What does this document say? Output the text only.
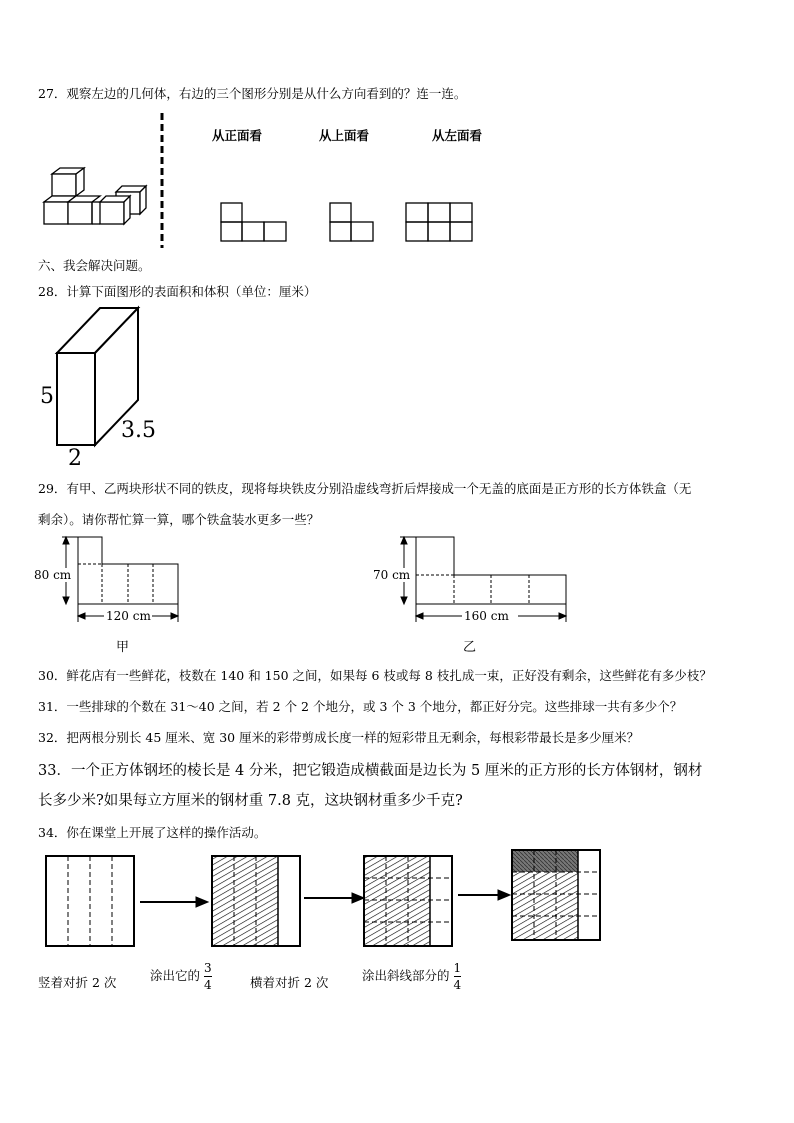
27．观察左边的几何体，右边的三个图形分别是从什么方向看到的？连一连。
从正面看	从上面看	从左面看
六、我会解决问题。
28．计算下面图形的表面积和体积（单位：厘米）
5
3.5
2
29．有甲、乙两块形状不同的铁皮，现将每块铁皮分别沿虚线弯折后焊接成一个无盖的底面是正方形的长方体铁盒（无
剩余）。请你帮忙算一算，哪个铁盒装水更多一些？
80 cm
120 cm
甲
70 cm
160 cm
乙
30．鲜花店有一些鲜花，枝数在 140 和 150 之间，如果每 6 枝或每 8 枝扎成一束，正好没有剩余，这些鲜花有多少枝？
31．一些排球的个数在 31～40 之间，若 2 个 2 个地分，或 3 个 3 个地分，都正好分完。这些排球一共有多少个？
32．把两根分别长 45 厘米、宽 30 厘米的彩带剪成长度一样的短彩带且无剩余，每根彩带最长是多少厘米？
33．一个正方体钢坯的棱长是 4 分米，把它锻造成横截面是边长为 5 厘米的正方形的长方体钢材，钢材
长多少米?如果每立方厘米的钢材重 7.8 克，这块钢材重多少千克?
34．你在课堂上开展了这样的操作活动。
竖着对折 2 次	涂出它的 $\frac{3}{4}$	横着对折 2 次	涂出斜线部分的 $\frac{1}{4}$
